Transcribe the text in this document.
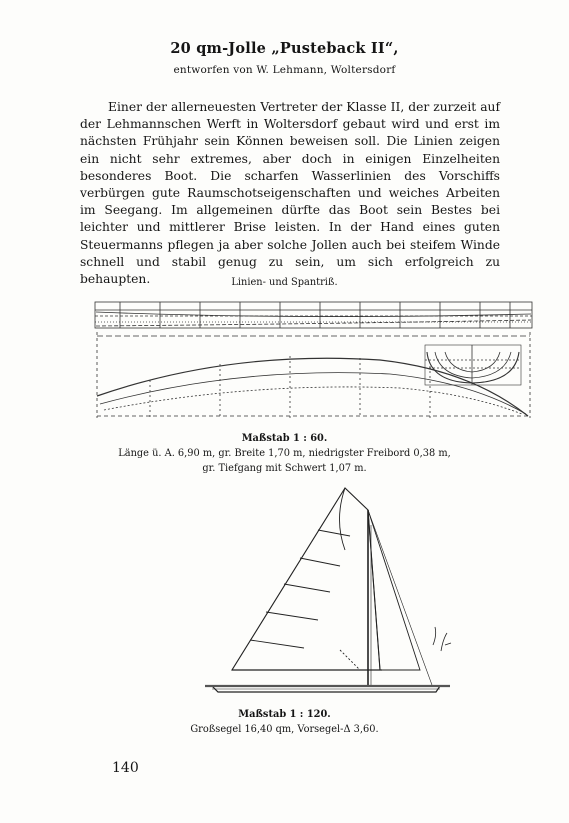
20 qm-Jolle „Pusteback II“,
entworfen von W. Lehmann, Woltersdorf

Einer der allerneuesten Vertreter der Klasse II, der zurzeit auf der Lehmannschen Werft in Woltersdorf gebaut wird und erst im nächsten Frühjahr sein Können beweisen soll. Die Linien zeigen ein nicht sehr extremes, aber doch in einigen Einzelheiten besonderes Boot. Die scharfen Wasserlinien des Vorschiffs verbürgen gute Raumschotseigenschaften und weiches Arbeiten im Seegang. Im allgemeinen dürfte das Boot sein Bestes bei leichter und mittlerer Brise leisten. In der Hand eines guten Steuermanns pflegen ja aber solche Jollen auch bei steifem Winde schnell und stabil genug zu sein, um sich erfolgreich zu behaupten.	Linien- und Spantriß.
Maßstab 1 : 60.
Länge ü. A. 6,90 m, gr. Breite 1,70 m, niedrigster Freibord 0,38 m,
gr. Tiefgang mit Schwert 1,07 m.
Maßstab 1 : 120.
Großsegel 16,40 qm, Vorsegel-Δ 3,60.
140
